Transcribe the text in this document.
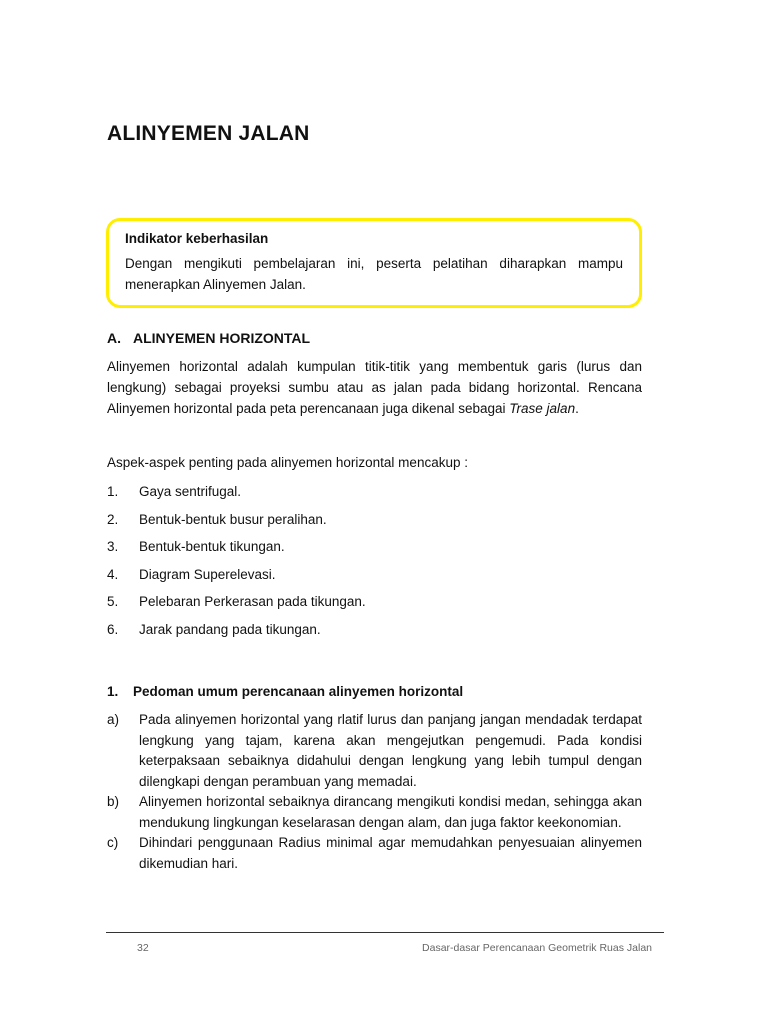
ALINYEMEN JALAN

Indikator keberhasilan

Dengan mengikuti pembelajaran ini, peserta pelatihan diharapkan mampu menerapkan Alinyemen Jalan.

A. ALINYEMEN HORIZONTAL

Alinyemen horizontal adalah kumpulan titik-titik yang membentuk garis (lurus dan lengkung) sebagai proyeksi sumbu atau as jalan pada bidang horizontal. Rencana Alinyemen horizontal pada peta perencanaan juga dikenal sebagai Trase jalan.

Aspek-aspek penting pada alinyemen horizontal mencakup :

1.	Gaya sentrifugal.
2.	Bentuk-bentuk busur peralihan.
3.	Bentuk-bentuk tikungan.
4.	Diagram Superelevasi.
5.	Pelebaran Perkerasan pada tikungan.
6.	Jarak pandang pada tikungan.
1. Pedoman umum perencanaan alinyemen horizontal
a)	Pada alinyemen horizontal yang rlatif lurus dan panjang jangan mendadak terdapat lengkung yang tajam, karena akan mengejutkan pengemudi. Pada kondisi keterpaksaan sebaiknya didahului dengan lengkung yang lebih tumpul dengan dilengkapi dengan perambuan yang memadai.
b)	Alinyemen horizontal sebaiknya dirancang mengikuti kondisi medan, sehingga akan mendukung lingkungan keselarasan dengan alam, dan juga faktor keekonomian.
c)	Dihindari penggunaan Radius minimal agar memudahkan penyesuaian alinyemen dikemudian hari.
32	Dasar-dasar Perencanaan Geometrik Ruas Jalan
